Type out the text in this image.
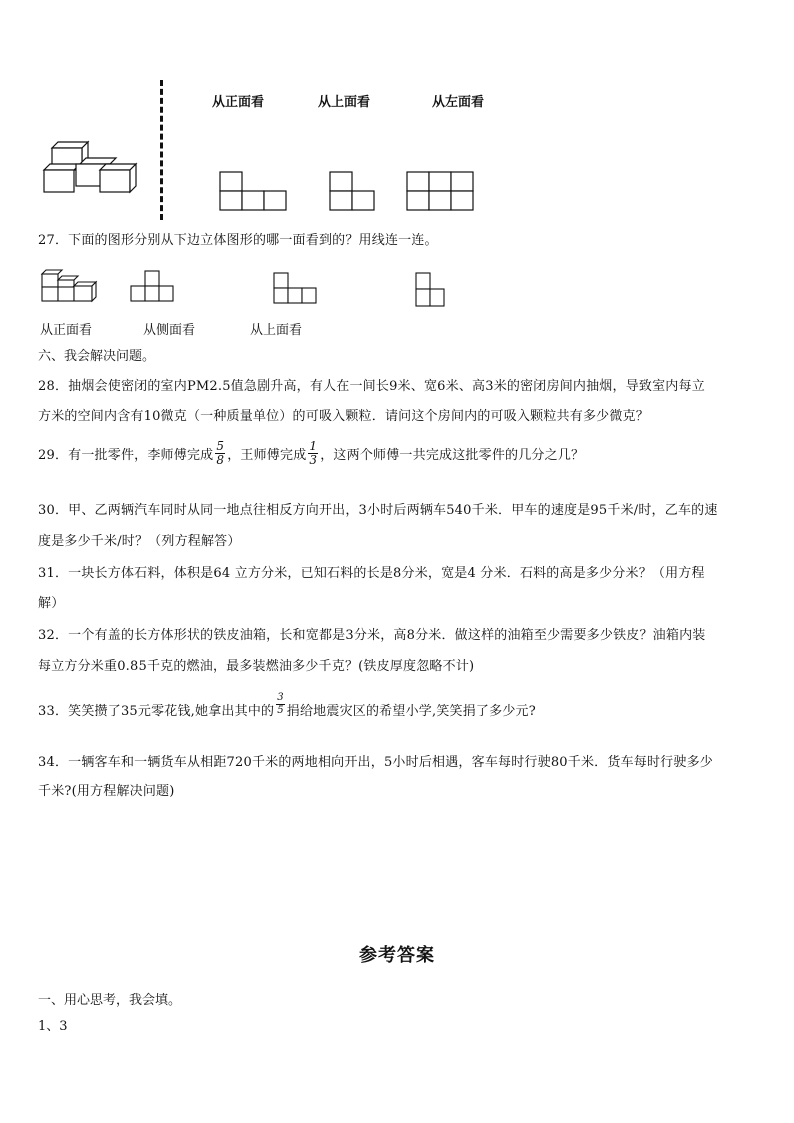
从正面看	从上面看	从左面看
27．下面的图形分别从下边立体图形的哪一面看到的？用线连一连。
从正面看	从侧面看	从上面看
六、我会解决问题。
28．抽烟会使密闭的室内PM2.5值急剧升高，有人在一间长9米、宽6米、高3米的密闭房间内抽烟，导致室内每立
方米的空间内含有10微克（一种质量单位）的可吸入颗粒．请问这个房间内的可吸入颗粒共有多少微克？
29．有一批零件，李师傅完成 $\frac{5}{8}$ ，王师傅完成 $\frac{1}{3}$ ，这两个师傅一共完成这批零件的几分之几？
30．甲、乙两辆汽车同时从同一地点往相反方向开出，3小时后两辆车540千米．甲车的速度是95千米/时，乙车的速
度是多少千米/时？（列方程解答）
31．一块长方体石料，体积是64 立方分米，已知石料的长是8分米，宽是4 分米．石料的高是多少分米？（用方程
解）
32．一个有盖的长方体形状的铁皮油箱，长和宽都是3分米，高8分米．做这样的油箱至少需要多少铁皮？油箱内装
每立方分米重0.85千克的燃油，最多装燃油多少千克？(铁皮厚度忽略不计)
33．笑笑攒了35元零花钱,她拿出其中的 $\frac{3}{5}$ 捐给地震灾区的希望小学,笑笑捐了多少元?
34．一辆客车和一辆货车从相距720千米的两地相向开出，5小时后相遇，客车每时行驶80千米．货车每时行驶多少
千米?(用方程解决问题)
参考答案
一、用心思考，我会填。
1、3
